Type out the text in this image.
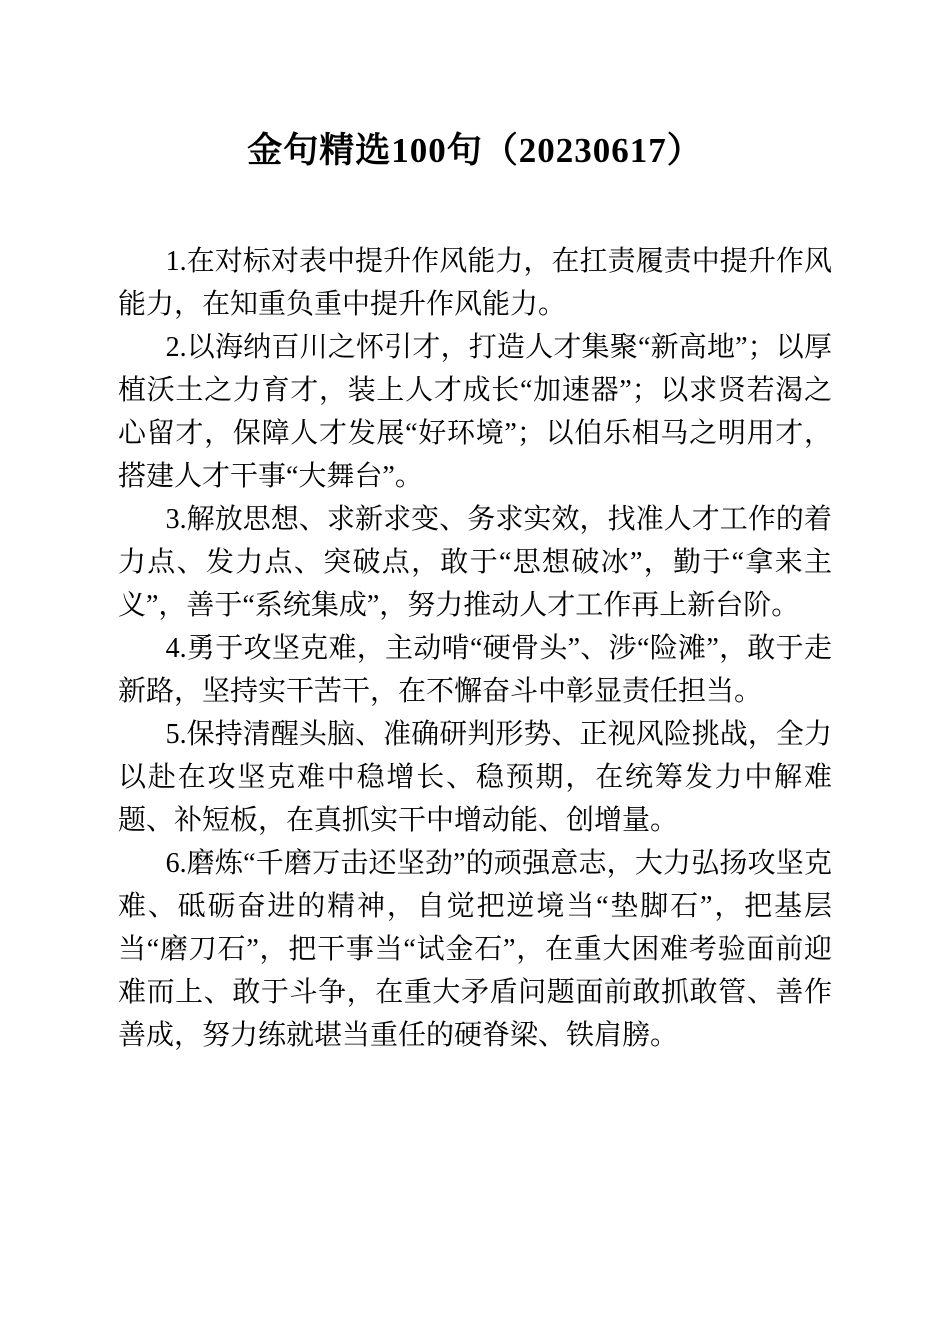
金句精选100句（20230617）

1.在对标对表中提升作风能力，在扛责履责中提升作风能力，在知重负重中提升作风能力。

2.以海纳百川之怀引才，打造人才集聚“新高地”；以厚植沃土之力育才，装上人才成长“加速器”；以求贤若渴之心留才，保障人才发展“好环境”；以伯乐相马之明用才，搭建人才干事“大舞台”。

3.解放思想、求新求变、务求实效，找准人才工作的着力点、发力点、突破点，敢于“思想破冰”，勤于“拿来主义”，善于“系统集成”，努力推动人才工作再上新台阶。

4.勇于攻坚克难，主动啃“硬骨头”、涉“险滩”，敢于走新路，坚持实干苦干，在不懈奋斗中彰显责任担当。

5.保持清醒头脑、准确研判形势、正视风险挑战，全力以赴在攻坚克难中稳增长、稳预期，在统筹发力中解难题、补短板，在真抓实干中增动能、创增量。

6.磨炼“千磨万击还坚劲”的顽强意志，大力弘扬攻坚克难、砥砺奋进的精神，自觉把逆境当“垫脚石”，把基层当“磨刀石”，把干事当“试金石”，在重大困难考验面前迎难而上、敢于斗争，在重大矛盾问题面前敢抓敢管、善作善成，努力练就堪当重任的硬脊梁、铁肩膀。
